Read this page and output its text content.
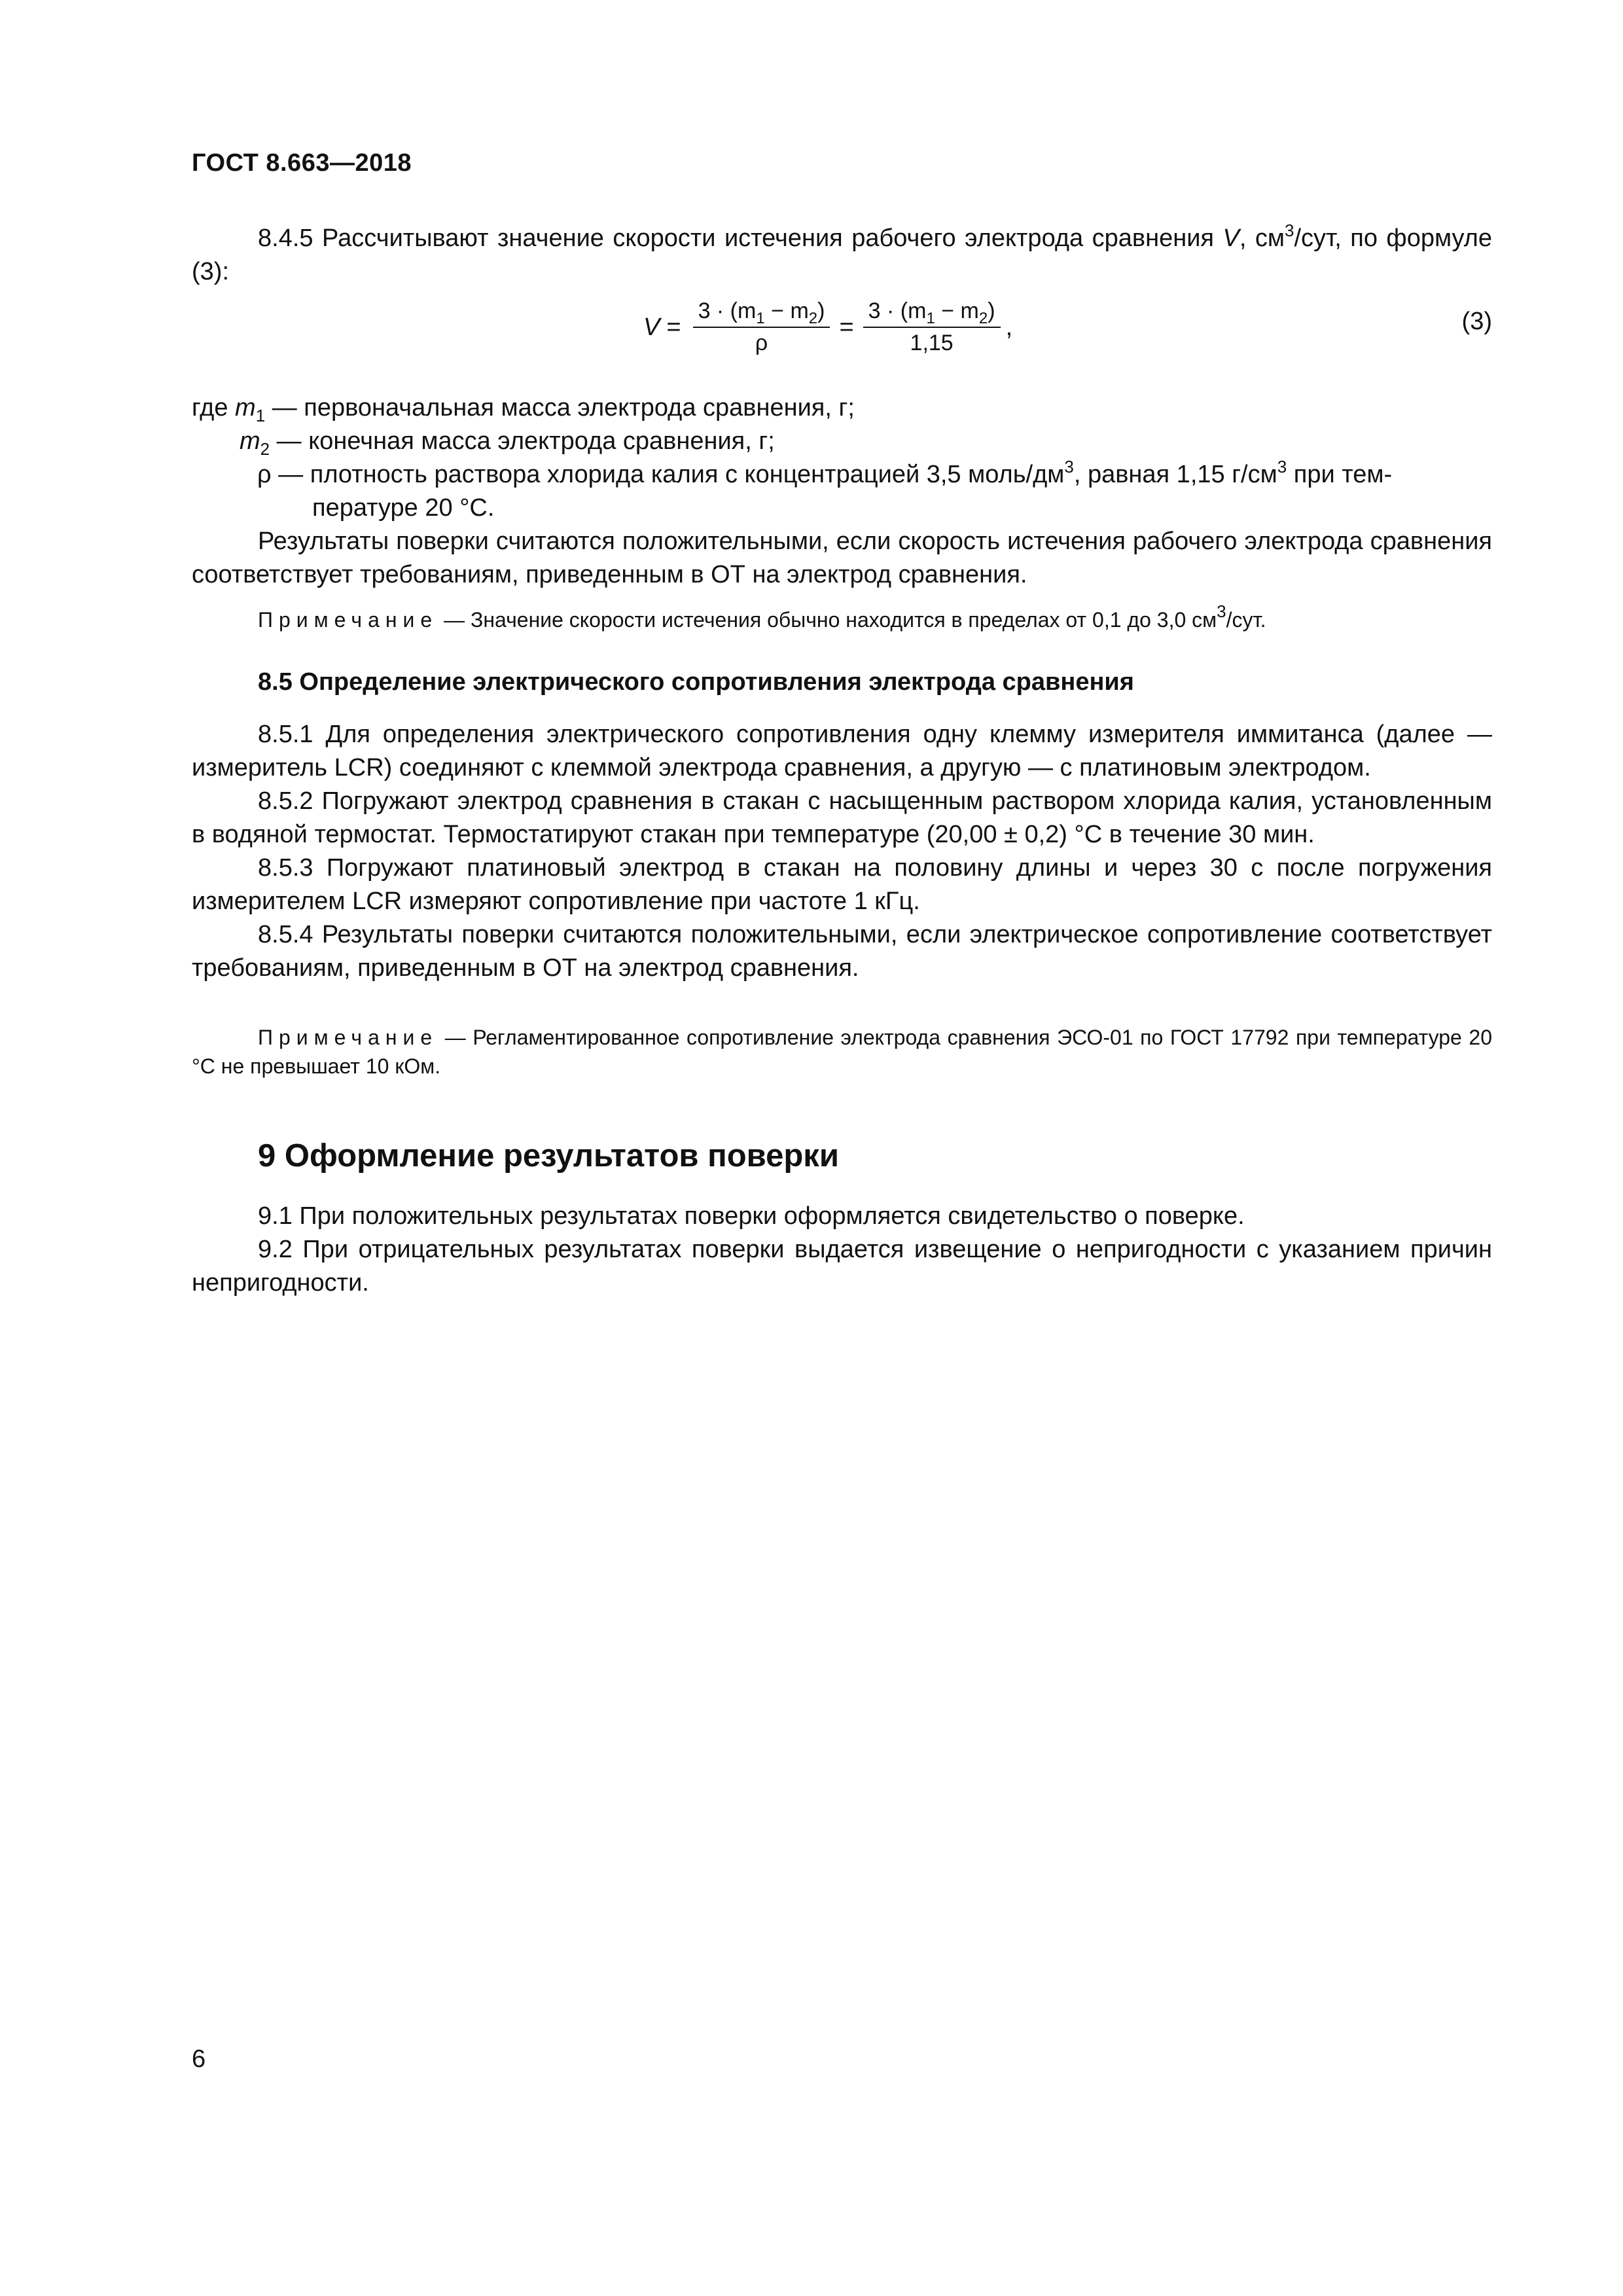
ГОСТ 8.663—2018

8.4.5 Рассчитывают значение скорости истечения рабочего электрода сравнения V, $см^3$/сут, по формуле (3):

$V = \frac{3 \cdot (m_1 - m_2)}{\rho} = \frac{3 \cdot (m_1 - m_2)}{1,15}$ ,	(3)
где $m_1$ — первоначальная масса электрода сравнения, г;
$m_2$ — конечная масса электрода сравнения, г;
ρ — плотность раствора хлорида калия с концентрацией 3,5 моль/$дм^3$, равная 1,15 $г/см^3$ при тем-
пературе 20 °С.

Результаты поверки считаются положительными, если скорость истечения рабочего электрода сравнения соответствует требованиям, приведенным в ОТ на электрод сравнения.

Примечание — Значение скорости истечения обычно находится в пределах от 0,1 до 3,0 $см^3$/сут.
8.5 Определение электрического сопротивления электрода сравнения

8.5.1 Для определения электрического сопротивления одну клемму измерителя иммитанса (далее — измеритель LCR) соединяют с клеммой электрода сравнения, а другую — с платиновым электродом.

8.5.2 Погружают электрод сравнения в стакан с насыщенным раствором хлорида калия, установленным в водяной термостат. Термостатируют стакан при температуре (20,00 ± 0,2) °С в течение 30 мин.

8.5.3 Погружают платиновый электрод в стакан на половину длины и через 30 с после погружения измерителем LCR измеряют сопротивление при частоте 1 кГц.

8.5.4 Результаты поверки считаются положительными, если электрическое сопротивление соответствует требованиям, приведенным в ОТ на электрод сравнения.

Примечание — Регламентированное сопротивление электрода сравнения ЭСО-01 по ГОСТ 17792 при температуре 20 °С не превышает 10 кОм.
9 Оформление результатов поверки

9.1 При положительных результатах поверки оформляется свидетельство о поверке.

9.2 При отрицательных результатах поверки выдается извещение о непригодности с указанием причин непригодности.

6
